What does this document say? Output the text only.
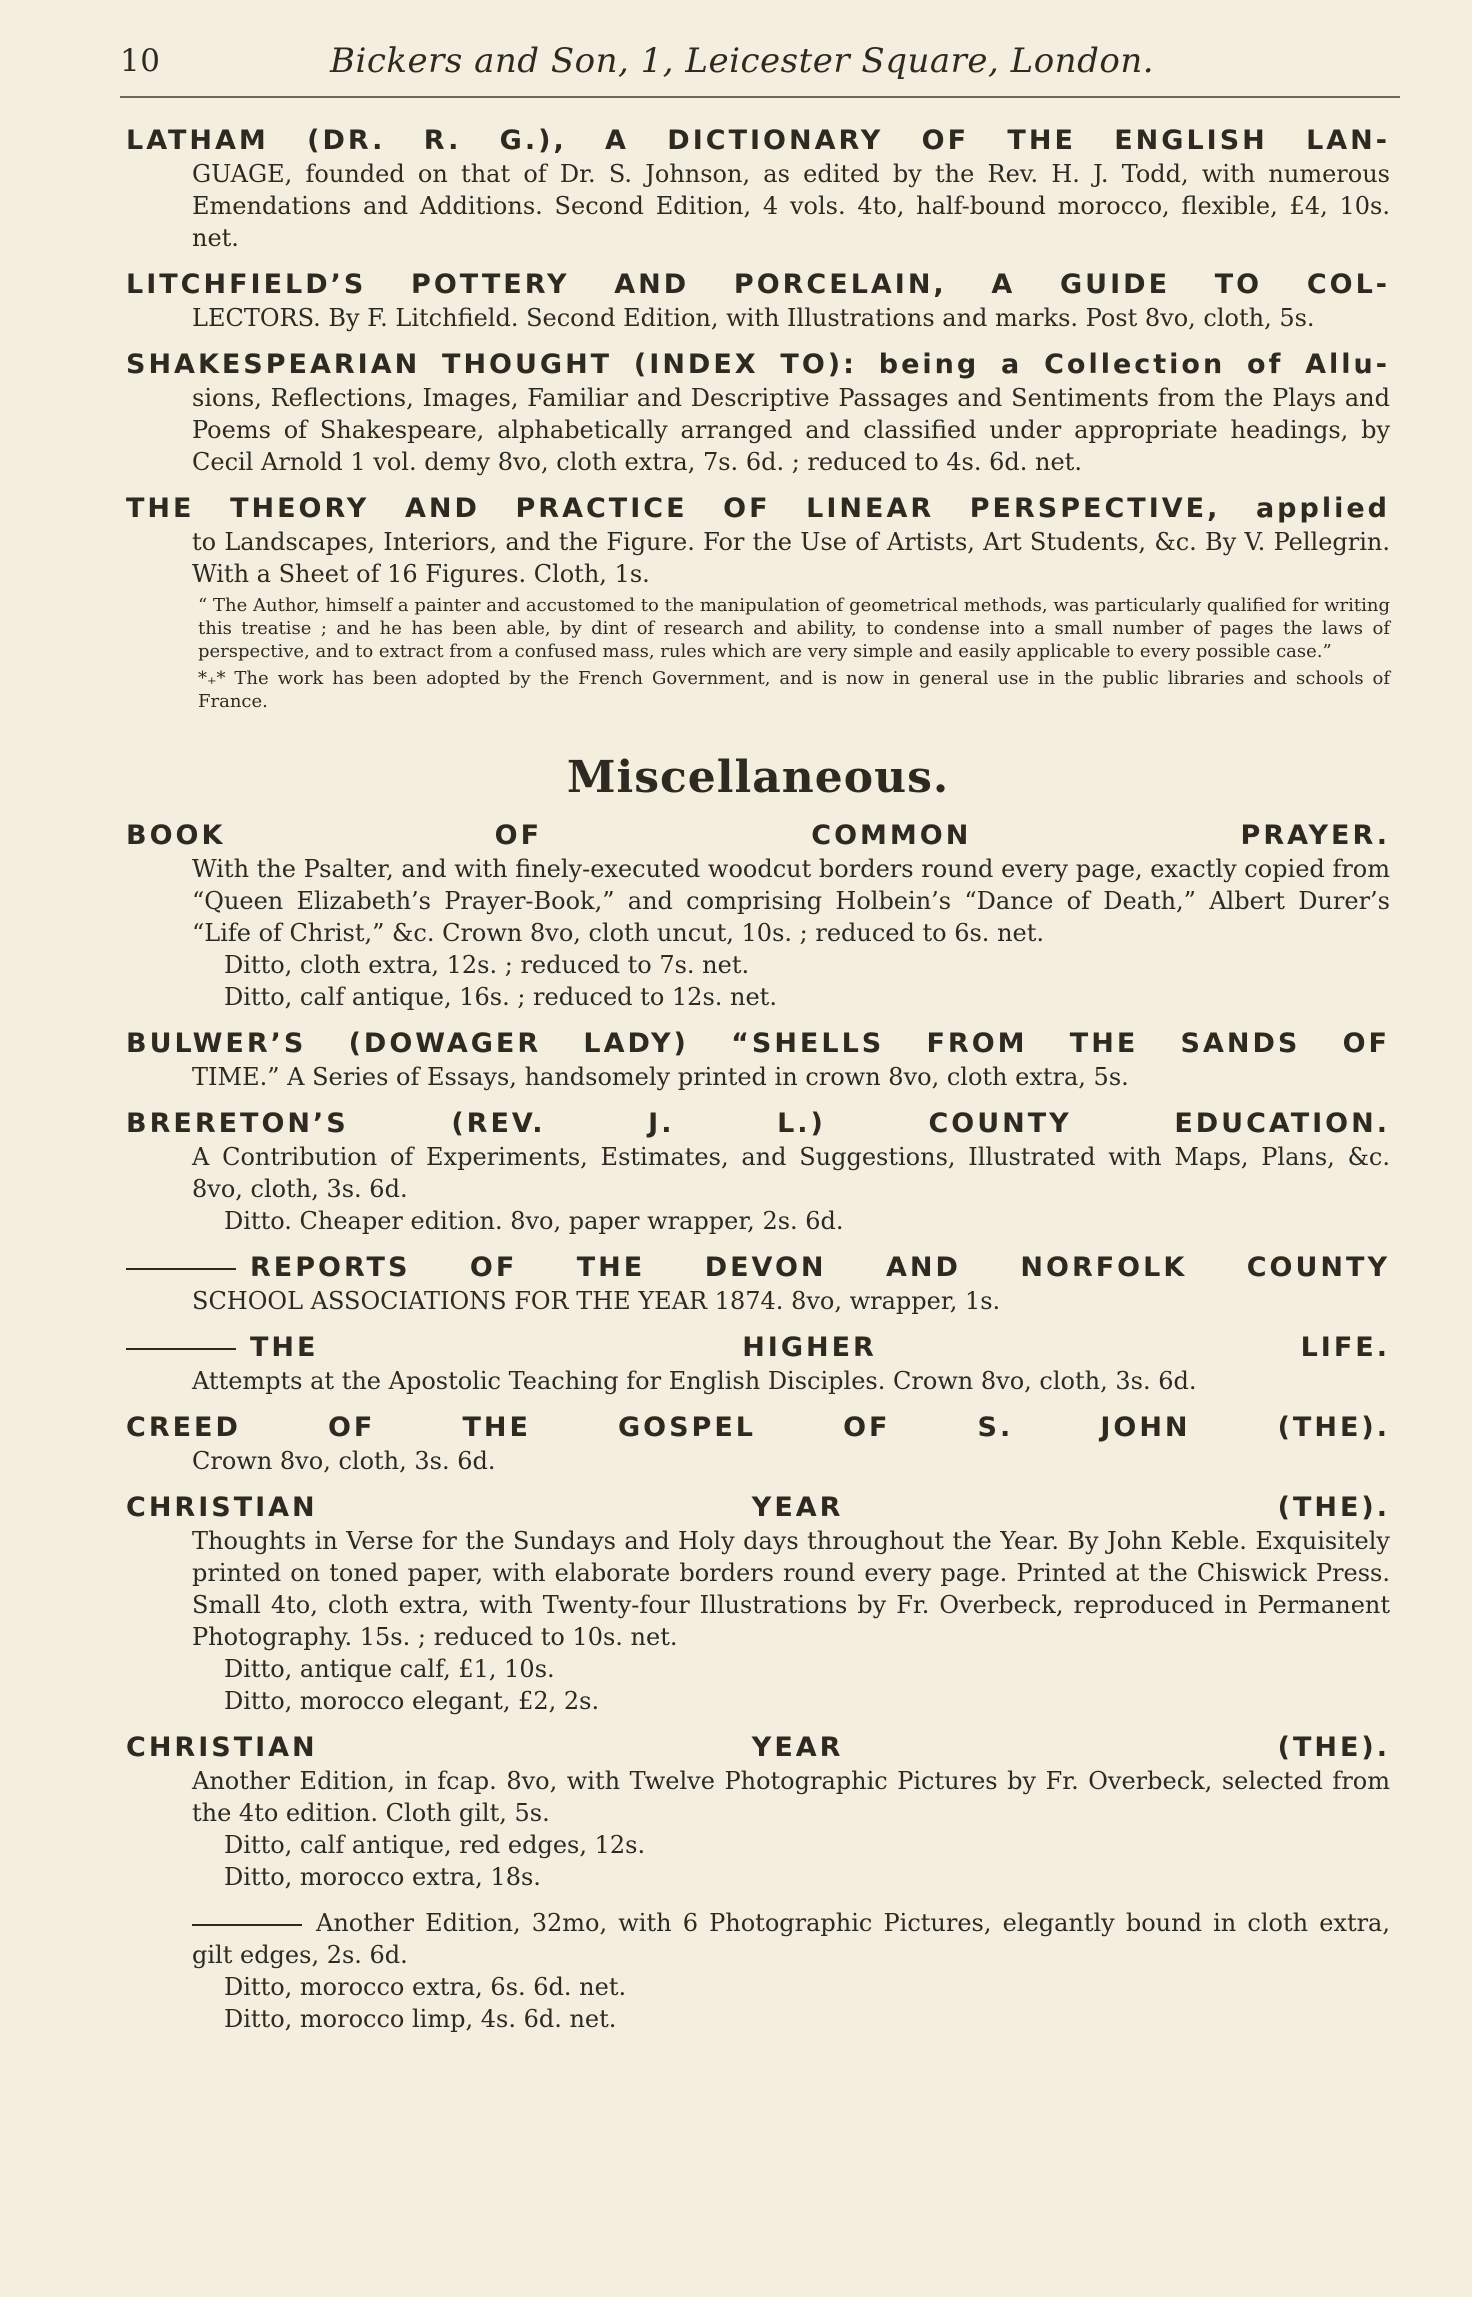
10	Bickers and Son, 1, Leicester Square, London.
LATHAM (DR. R. G.), A DICTIONARY OF THE ENGLISH LAN-
GUAGE, founded on that of Dr. S. Johnson, as edited by the Rev. H. J. Todd, with numerous Emendations and Additions. Second Edition, 4 vols. 4to, half-bound morocco, flexible, £4, 10s. net.
LITCHFIELD’S POTTERY AND PORCELAIN, A GUIDE TO COL-
LECTORS. By F. Litchfield. Second Edition, with Illustrations and marks. Post 8vo, cloth, 5s.
SHAKESPEARIAN THOUGHT (INDEX TO): being a Collection of Allu-
sions, Reflections, Images, Familiar and Descriptive Passages and Sentiments from the Plays and Poems of Shakespeare, alphabetically arranged and classified under appropriate headings, by Cecil Arnold 1 vol. demy 8vo, cloth extra, 7s. 6d. ; reduced to 4s. 6d. net.
THE THEORY AND PRACTICE OF LINEAR PERSPECTIVE, applied
to Landscapes, Interiors, and the Figure. For the Use of Artists, Art Students, &c. By V. Pellegrin. With a Sheet of 16 Figures. Cloth, 1s.
“ The Author, himself a painter and accustomed to the manipulation of geometrical methods, was particularly qualified for writing this treatise ; and he has been able, by dint of research and ability, to condense into a small number of pages the laws of perspective, and to extract from a confused mass, rules which are very simple and easily applicable to every possible case.”
*₊* The work has been adopted by the French Government, and is now in general use in the public libraries and schools of France.
Miscellaneous.
BOOK OF COMMON PRAYER.
With the Psalter, and with finely-executed woodcut borders round every page, exactly copied from “Queen Elizabeth’s Prayer-Book,” and comprising Holbein’s “Dance of Death,” Albert Durer’s “Life of Christ,” &c. Crown 8vo, cloth uncut, 10s. ; reduced to 6s. net.
Ditto, cloth extra, 12s. ; reduced to 7s. net.
Ditto, calf antique, 16s. ; reduced to 12s. net.
BULWER’S (DOWAGER LADY) “SHELLS FROM THE SANDS OF
TIME.” A Series of Essays, handsomely printed in crown 8vo, cloth extra, 5s.
BRERETON’S (REV. J. L.) COUNTY EDUCATION.
A Contribution of Experiments, Estimates, and Suggestions, Illustrated with Maps, Plans, &c. 8vo, cloth, 3s. 6d.
Ditto. Cheaper edition. 8vo, paper wrapper, 2s. 6d.
REPORTS OF THE DEVON AND NORFOLK COUNTY
SCHOOL ASSOCIATIONS FOR THE YEAR 1874. 8vo, wrapper, 1s.
THE HIGHER LIFE.
Attempts at the Apostolic Teaching for English Disciples. Crown 8vo, cloth, 3s. 6d.
CREED OF THE GOSPEL OF S. JOHN (THE).
Crown 8vo, cloth, 3s. 6d.
CHRISTIAN YEAR (THE).
Thoughts in Verse for the Sundays and Holy days throughout the Year. By John Keble. Exquisitely printed on toned paper, with elaborate borders round every page. Printed at the Chiswick Press. Small 4to, cloth extra, with Twenty-four Illustrations by Fr. Overbeck, reproduced in Permanent Photography. 15s. ; reduced to 10s. net.
Ditto, antique calf, £1, 10s.
Ditto, morocco elegant, £2, 2s.
CHRISTIAN YEAR (THE).
Another Edition, in fcap. 8vo, with Twelve Photographic Pictures by Fr. Overbeck, selected from the 4to edition. Cloth gilt, 5s.
Ditto, calf antique, red edges, 12s.
Ditto, morocco extra, 18s.
Another Edition, 32mo, with 6 Photographic Pictures, elegantly bound in cloth extra, gilt edges, 2s. 6d.
Ditto, morocco extra, 6s. 6d. net.
Ditto, morocco limp, 4s. 6d. net.
